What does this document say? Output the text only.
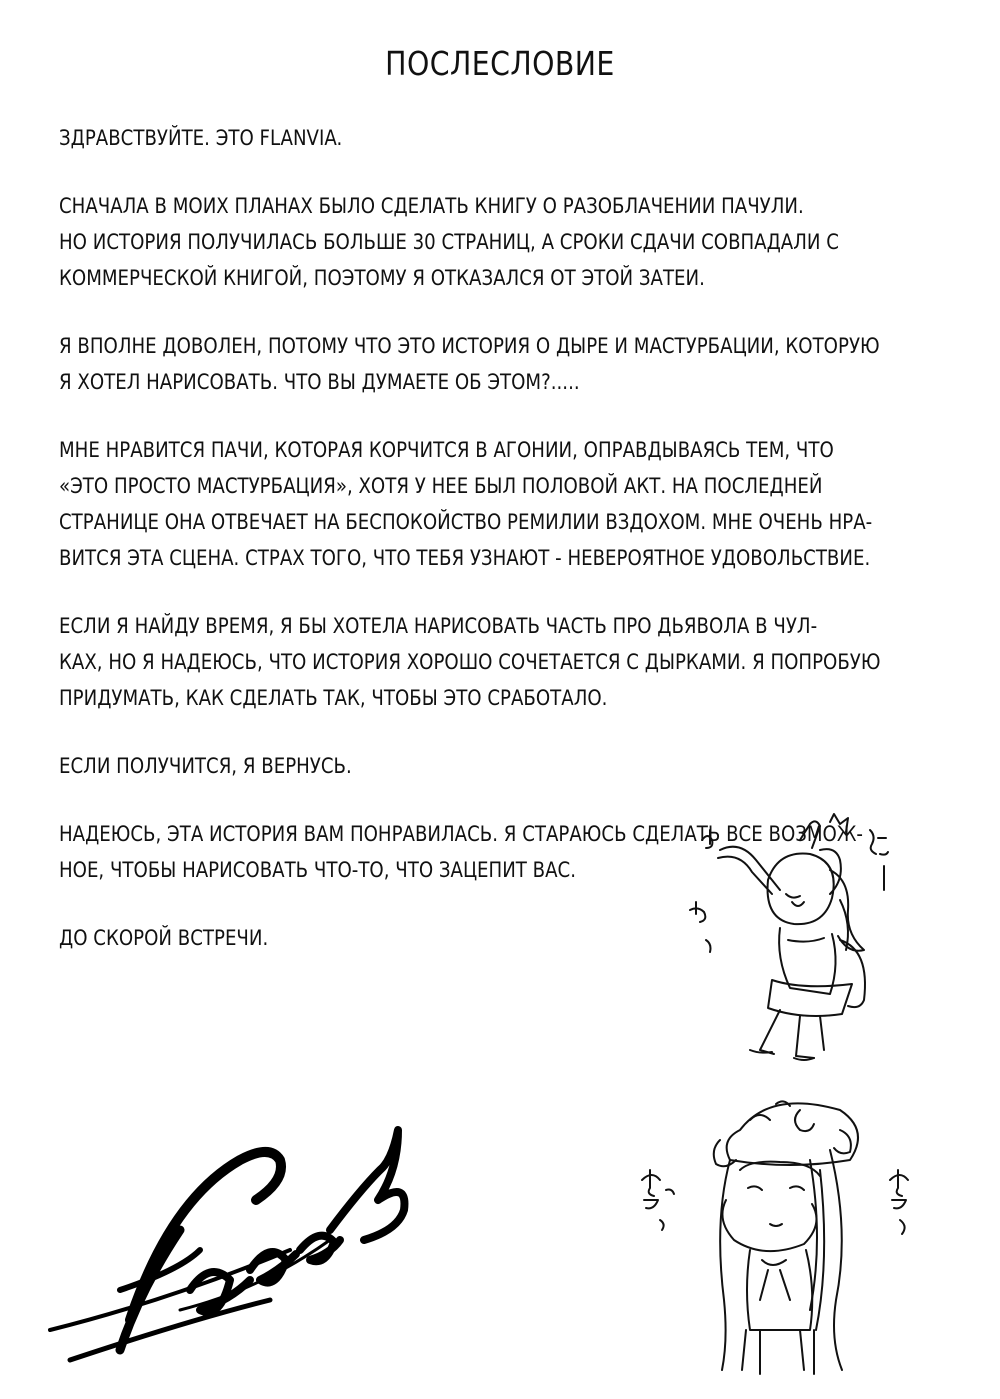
ПОСЛЕСЛОВИЕ

ЗДРАВСТВУЙТЕ. ЭТО FLANVIA.

СНАЧАЛА В МОИХ ПЛАНАХ БЫЛО СДЕЛАТЬ КНИГУ О РАЗОБЛАЧЕНИИ ПАЧУЛИ.
НО ИСТОРИЯ ПОЛУЧИЛАСЬ БОЛЬШЕ 30 СТРАНИЦ, А СРОКИ СДАЧИ СОВПАДАЛИ С
КОММЕРЧЕСКОЙ КНИГОЙ, ПОЭТОМУ Я ОТКАЗАЛСЯ ОТ ЭТОЙ ЗАТЕИ.

Я ВПОЛНЕ ДОВОЛЕН, ПОТОМУ ЧТО ЭТО ИСТОРИЯ О ДЫРЕ И МАСТУРБАЦИИ, КОТОРУЮ
Я ХОТЕЛ НАРИСОВАТЬ. ЧТО ВЫ ДУМАЕТЕ ОБ ЭТОМ?.....

МНЕ НРАВИТСЯ ПАЧИ, КОТОРАЯ КОРЧИТСЯ В АГОНИИ, ОПРАВДЫВАЯСЬ ТЕМ, ЧТО
«ЭТО ПРОСТО МАСТУРБАЦИЯ», ХОТЯ У НЕЕ БЫЛ ПОЛОВОЙ АКТ. НА ПОСЛЕДНЕЙ
СТРАНИЦЕ ОНА ОТВЕЧАЕТ НА БЕСПОКОЙСТВО РЕМИЛИИ ВЗДОХОМ. МНЕ ОЧЕНЬ НРА-
ВИТСЯ ЭТА СЦЕНА. СТРАХ ТОГО, ЧТО ТЕБЯ УЗНАЮТ - НЕВЕРОЯТНОЕ УДОВОЛЬСТВИЕ.

ЕСЛИ Я НАЙДУ ВРЕМЯ, Я БЫ ХОТЕЛА НАРИСОВАТЬ ЧАСТЬ ПРО ДЬЯВОЛА В ЧУЛ-
КАХ, НО Я НАДЕЮСЬ, ЧТО ИСТОРИЯ ХОРОШО СОЧЕТАЕТСЯ С ДЫРКАМИ. Я ПОПРОБУЮ
ПРИДУМАТЬ, КАК СДЕЛАТЬ ТАК, ЧТОБЫ ЭТО СРАБОТАЛО.

ЕСЛИ ПОЛУЧИТСЯ, Я ВЕРНУСЬ.

НАДЕЮСЬ, ЭТА ИСТОРИЯ ВАМ ПОНРАВИЛАСЬ. Я СТАРАЮСЬ СДЕЛАТЬ ВСЕ ВОЗМОЖ-
НОЕ, ЧТОБЫ НАРИСОВАТЬ ЧТО-ТО, ЧТО ЗАЦЕПИТ ВАС.

ДО СКОРОЙ ВСТРЕЧИ.
